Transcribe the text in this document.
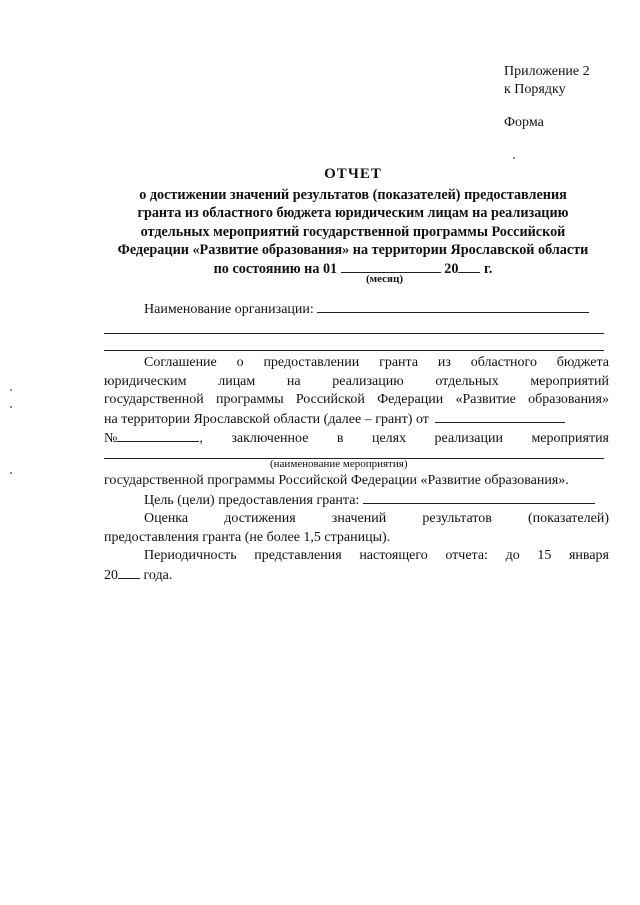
Приложение 2
к Порядку
Форма
ОТЧЕТ
о достижении значений результатов (показателей) предоставления
гранта из областного бюджета юридическим лицам на реализацию
отдельных мероприятий государственной программы Российской
Федерации «Развитие образования» на территории Ярославской области
по состоянию на 01	20 г.
(месяц)
Наименование организации:
Соглашение о предоставлении гранта из областного бюджета
юридическим лицам на реализацию отдельных мероприятий
государственной программы Российской Федерации «Развитие образования»
на территории Ярославской области (далее – грант) от
№	, заключенное в целях реализации мероприятия
(наименование мероприятия)
государственной программы Российской Федерации «Развитие образования».
Цель (цели) предоставления гранта:
Оценка достижения значений результатов (показателей)
предоставления гранта (не более 1,5 страницы).
Периодичность представления настоящего отчета: до 15 января
20 года.
